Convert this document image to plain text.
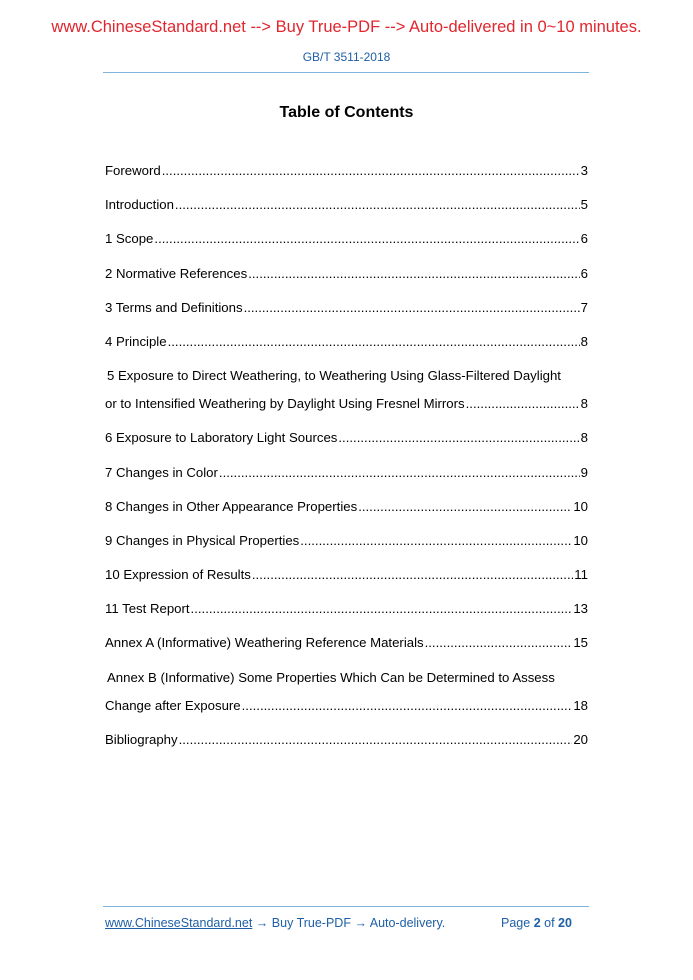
www.ChineseStandard.net --> Buy True-PDF --> Auto-delivered in 0~10 minutes.
GB/T 3511-2018
Table of Contents
Foreword .....	3
Introduction .....	5
1 Scope .....	6
2 Normative References .....	6
3 Terms and Definitions .....	7
4 Principle .....	8
5 Exposure to Direct Weathering, to Weathering Using Glass-Filtered Daylight
or to Intensified Weathering by Daylight Using Fresnel Mirrors .....	8
6 Exposure to Laboratory Light Sources .....	8
7 Changes in Color .....	9
8 Changes in Other Appearance Properties .....	10
9 Changes in Physical Properties .....	10
10 Expression of Results .....	11
11 Test Report .....	13
Annex A (Informative) Weathering Reference Materials .....	15
Annex B (Informative) Some Properties Which Can be Determined to Assess
Change after Exposure .....	18
Bibliography .....	20
www.ChineseStandard.net → Buy True-PDF → Auto-delivery.	Page 2 of 20
